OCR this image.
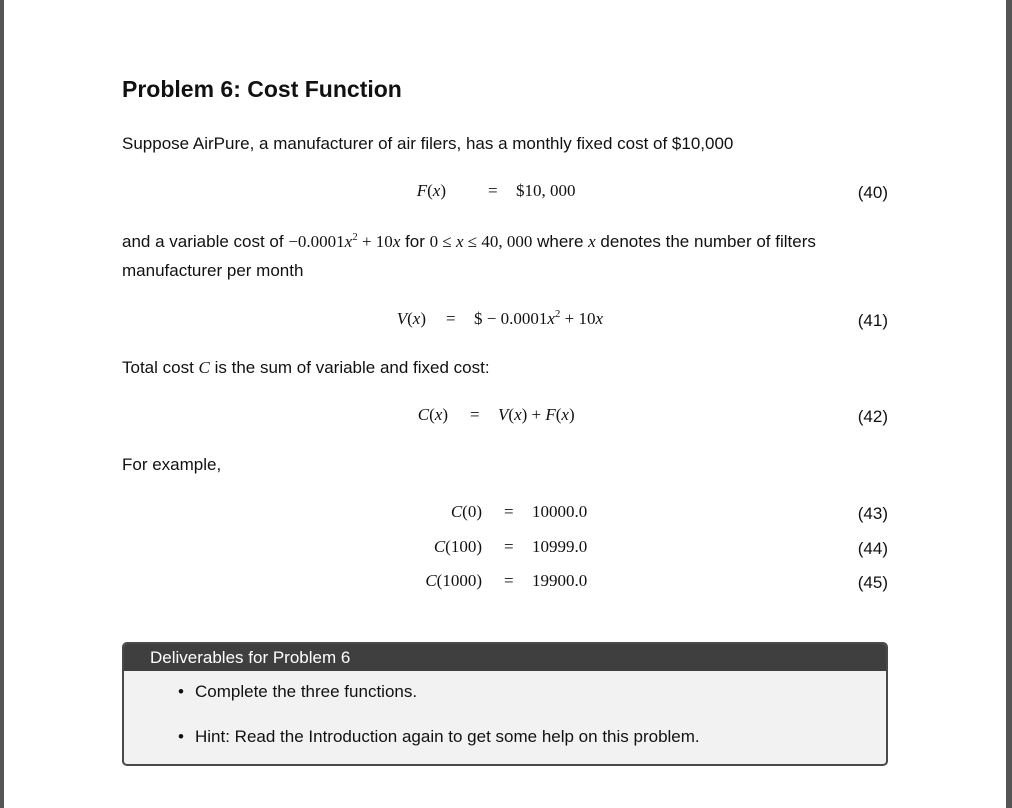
Problem 6: Cost Function
Suppose AirPure, a manufacturer of air filers, has a monthly fixed cost of $10,000
F(x) = $10, 000	(40)
and a variable cost of $-0.0001x^2 + 10x$ for 0 ≤ x ≤ 40, 000 where x denotes the number of filters
manufacturer per month
V(x) = $ − $0.0001x^2 + 10x$	(41)
Total cost C is the sum of variable and fixed cost:
C(x) = V(x) + F(x)	(42)
For example,
C(0) = 10000.0	(43)
C(100) = 10999.0	(44)
C(1000) = 19900.0	(45)
Deliverables for Problem 6
• Complete the three functions.
• Hint: Read the Introduction again to get some help on this problem.
